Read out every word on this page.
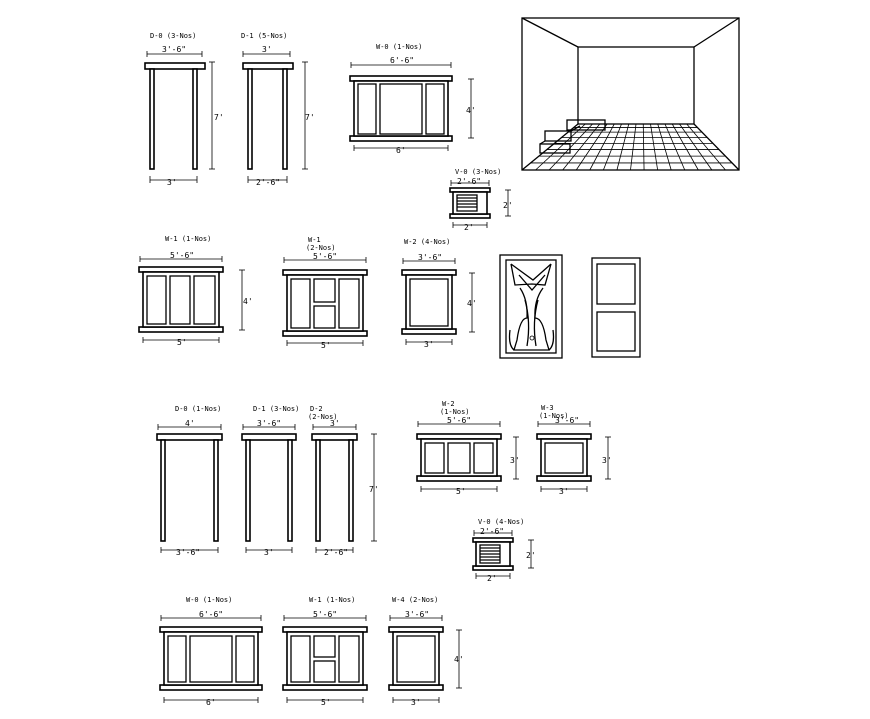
D-0 (3-Nos)
3'-6"
7'
3'
D-1 (5-Nos)
3'
7'
2'-6"
W-0 (1-Nos)
6'-6"
4'
6'
V-0 (3-Nos)
2'-6"
2'
2'
W-1 (1-Nos)
5'-6"
4'
5'
W-1
(2-Nos)
5'-6"
5'
W-2 (4-Nos)
3'-6"
4'
3'
D-0 (1-Nos)
4'
3'-6"
D-1 (3-Nos)
3'-6"
3'
D-2
(2-Nos)
3'
7'
2'-6"
W-2
(1-Nos)
5'-6"
3'
5'
W-3
(1-Nos)
3'-6"
3'
3'
V-0 (4-Nos)
2'-6"
2'
2'
W-0 (1-Nos)
6'-6"
6'
W-1 (1-Nos)
5'-6"
5'
W-4 (2-Nos)
3'-6"
4'
3'
